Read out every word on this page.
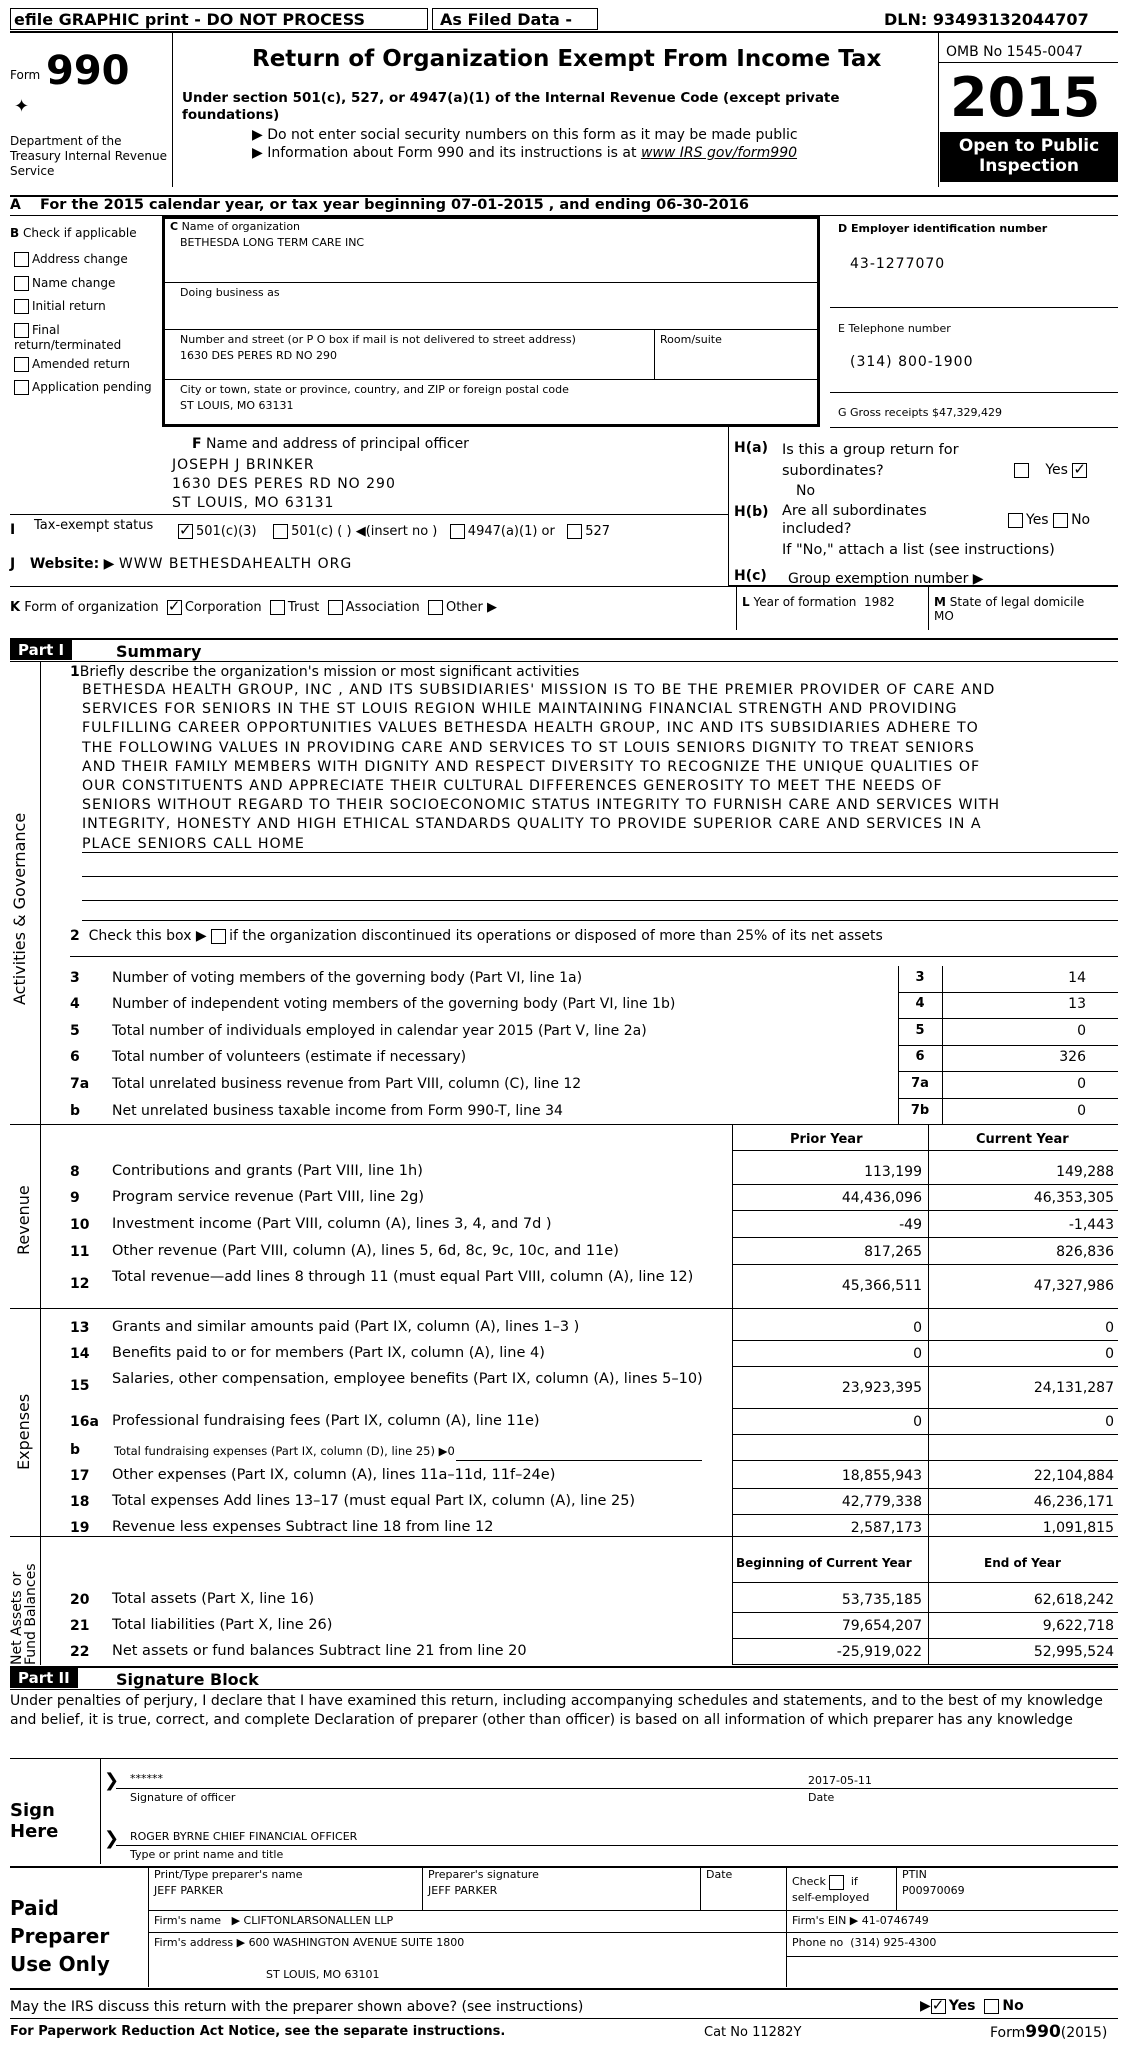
efile GRAPHIC print - DO NOT PROCESS	As Filed Data -	DLN: 93493132044707
Form 990
✦
Department of the Treasury Internal Revenue Service
Return of Organization Exempt From Income Tax
Under section 501(c), 527, or 4947(a)(1) of the Internal Revenue Code (except private foundations)
▶ Do not enter social security numbers on this form as it may be made public
▶ Information about Form 990 and its instructions is at www IRS gov/form990
OMB No 1545-0047
2015
Open to Public Inspection
A For the 2015 calendar year, or tax year beginning 07-01-2015 , and ending 06-30-2016
B Check if applicable
Address change
Name change
Initial return
Final return/terminated
Amended return
Application pending
C Name of organization
BETHESDA LONG TERM CARE INC
Doing business as
Number and street (or P O box if mail is not delivered to street address)
1630 DES PERES RD NO 290
Room/suite
City or town, state or province, country, and ZIP or foreign postal code
ST LOUIS, MO 63131
D Employer identification number
43-1277070
E Telephone number
(314) 800-1900
G Gross receipts $47,329,429
F Name and address of principal officer
JOSEPH J BRINKER
1630 DES PERES RD NO 290
ST LOUIS, MO 63131
H(a) Is this a group return for subordinates?	Yes ✓
No
H(b) Are all subordinates included?
Yes No
If "No," attach a list (see instructions)
H(c) Group exemption number ▶
I Tax-exempt status ✓	501(c)(3)	501(c) ( ) ◀(insert no ) 4947(a)(1) or 527
J   Website: ▶ WWW BETHESDAHEALTH ORG
K Form of organization ✓ Corporation Trust Association Other ▶	L Year of formation 1982	M State of legal domicile
MO
Part I	Summary
Activities & Governance
Revenue
Expenses
Net Assets or Fund Balances
1Briefly describe the organization's mission or most significant activities
BETHESDA HEALTH GROUP, INC , AND ITS SUBSIDIARIES' MISSION IS TO BE THE PREMIER PROVIDER OF CARE AND
SERVICES FOR SENIORS IN THE ST LOUIS REGION WHILE MAINTAINING FINANCIAL STRENGTH AND PROVIDING
FULFILLING CAREER OPPORTUNITIES VALUES BETHESDA HEALTH GROUP, INC AND ITS SUBSIDIARIES ADHERE TO
THE FOLLOWING VALUES IN PROVIDING CARE AND SERVICES TO ST LOUIS SENIORS DIGNITY TO TREAT SENIORS
AND THEIR FAMILY MEMBERS WITH DIGNITY AND RESPECT DIVERSITY TO RECOGNIZE THE UNIQUE QUALITIES OF
OUR CONSTITUENTS AND APPRECIATE THEIR CULTURAL DIFFERENCES GENEROSITY TO MEET THE NEEDS OF
SENIORS WITHOUT REGARD TO THEIR SOCIOECONOMIC STATUS INTEGRITY TO FURNISH CARE AND SERVICES WITH
INTEGRITY, HONESTY AND HIGH ETHICAL STANDARDS QUALITY TO PROVIDE SUPERIOR CARE AND SERVICES IN A
PLACE SENIORS CALL HOME
2 Check this box ▶ if the organization discontinued its operations or disposed of more than 25% of its net assets
3 Number of voting members of the governing body (Part VI, line 1a)	3	14
4 Number of independent voting members of the governing body (Part VI, line 1b)	4	13
5 Total number of individuals employed in calendar year 2015 (Part V, line 2a)	5	0
6 Total number of volunteers (estimate if necessary)	6	326
7a Total unrelated business revenue from Part VIII, column (C), line 12	7a	0
b Net unrelated business taxable income from Form 990-T, line 34	7b	0
Prior Year	Current Year
8 Contributions and grants (Part VIII, line 1h)	113,199	149,288
9 Program service revenue (Part VIII, line 2g)	44,436,096	46,353,305
10 Investment income (Part VIII, column (A), lines 3, 4, and 7d )	-49	-1,443
11 Other revenue (Part VIII, column (A), lines 5, 6d, 8c, 9c, 10c, and 11e)	817,265	826,836
12 Total revenue—add lines 8 through 11 (must equal Part VIII, column (A), line 12)
45,366,511	47,327,986
13 Grants and similar amounts paid (Part IX, column (A), lines 1–3 )	0	0
14 Benefits paid to or for members (Part IX, column (A), line 4)	0	0
15 Salaries, other compensation, employee benefits (Part IX, column (A), lines 5–10)
23,923,395	24,131,287
16a Professional fundraising fees (Part IX, column (A), line 11e)	0	0
b	Total fundraising expenses (Part IX, column (D), line 25) ▶0
17 Other expenses (Part IX, column (A), lines 11a–11d, 11f–24e)	18,855,943	22,104,884
18 Total expenses Add lines 13–17 (must equal Part IX, column (A), line 25)	42,779,338	46,236,171
19 Revenue less expenses Subtract line 18 from line 12	2,587,173	1,091,815
Beginning of Current Year	End of Year
20 Total assets (Part X, line 16)	53,735,185	62,618,242
21 Total liabilities (Part X, line 26)	79,654,207	9,622,718
22 Net assets or fund balances Subtract line 21 from line 20	-25,919,022	52,995,524
Part II	Signature Block
Under penalties of perjury, I declare that I have examined this return, including accompanying schedules and statements, and to the best of my knowledge and belief, it is true, correct, and complete Declaration of preparer (other than officer) is based on all information of which preparer has any knowledge
Sign Here
❯
❯
******	2017-05-11
Signature of officer	Date
ROGER BYRNE CHIEF FINANCIAL OFFICER
Type or print name and title
Paid Preparer Use Only
Print/Type preparer's name
JEFF PARKER
Preparer's signature
JEFF PARKER
Date
Check if
self-employed
PTIN
P00970069
Firm's name   ▶ CLIFTONLARSONALLEN LLP	Firm's EIN ▶ 41-0746749
Firm's address ▶ 600 WASHINGTON AVENUE SUITE 1800
ST LOUIS, MO 63101
Phone no (314) 925-4300
May the IRS discuss this return with the preparer shown above? (see instructions)	▶ ✓ Yes No
For Paperwork Reduction Act Notice, see the separate instructions.	Cat No 11282Y	Form990(2015)
